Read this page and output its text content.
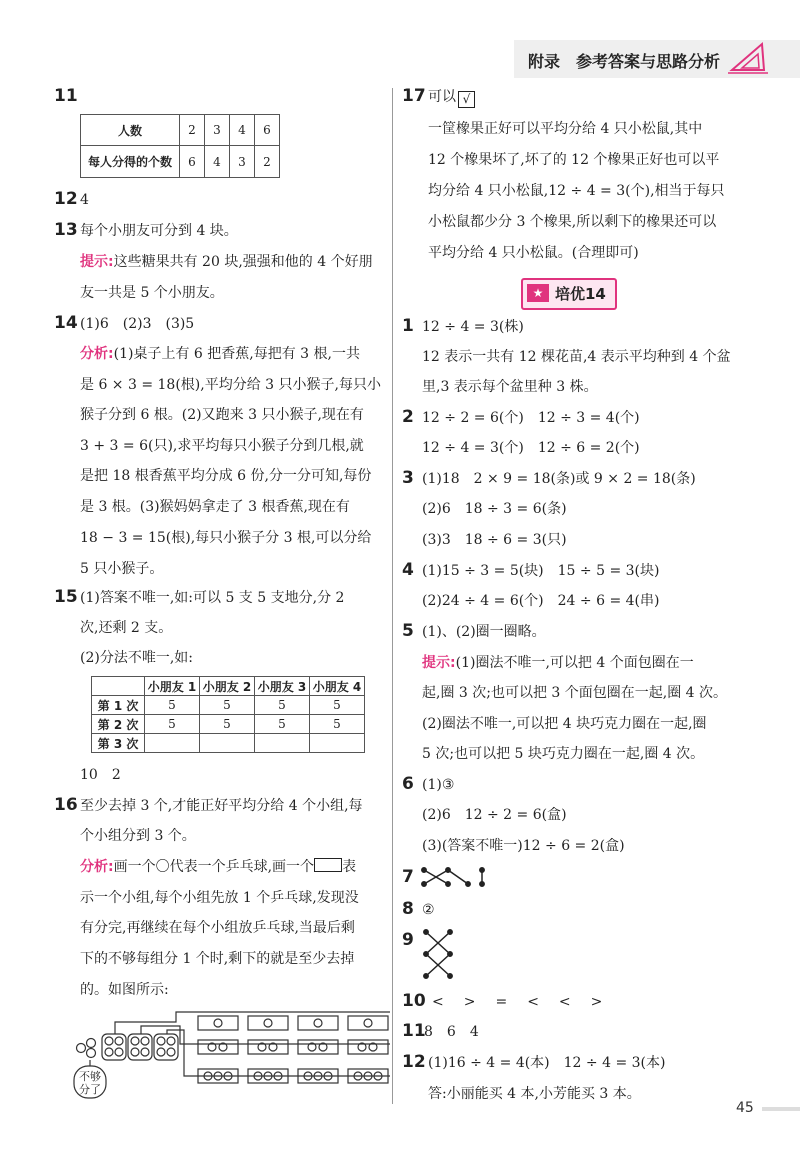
附录　参考答案与思路分析
11
人数	2	3	4	6
每人分得的个数	6	4	3	2
12 4
13 每个小朋友可分到 4 块。
提示:这些糖果共有 20 块,强强和他的 4 个好朋
友一共是 5 个小朋友。
14 (1)6　(2)3　(3)5
分析:(1)桌子上有 6 把香蕉,每把有 3 根,一共
是 6 × 3 = 18(根),平均分给 3 只小猴子,每只小
猴子分到 6 根。(2)又跑来 3 只小猴子,现在有
3 + 3 = 6(只),求平均每只小猴子分到几根,就
是把 18 根香蕉平均分成 6 份,分一分可知,每份
是 3 根。(3)猴妈妈拿走了 3 根香蕉,现在有
18 − 3 = 15(根),每只小猴子分 3 根,可以分给
5 只小猴子。
15 (1)答案不唯一,如:可以 5 支 5 支地分,分 2
次,还剩 2 支。
(2)分法不唯一,如:
	小朋友 1	小朋友 2	小朋友 3	小朋友 4
第 1 次	5	5	5	5
第 2 次	5	5	5	5
第 3 次				
10　2
16 至少去掉 3 个,才能正好平均分给 4 个小组,每
个小组分到 3 个。
分析:画一个〇代表一个乒乓球,画一个 表
示一个小组,每个小组先放 1 个乒乓球,发现没
有分完,再继续在每个小组放乒乓球,当最后剩
下的不够每组分 1 个时,剩下的就是至少去掉
的。如图所示:
不够
分了
17 可以 √
一筐橡果正好可以平均分给 4 只小松鼠,其中
12 个橡果坏了,坏了的 12 个橡果正好也可以平
均分给 4 只小松鼠,12 ÷ 4 = 3(个),相当于每只
小松鼠都少分 3 个橡果,所以剩下的橡果还可以
平均分给 4 只小松鼠。(合理即可)
★ 培优14
1 12 ÷ 4 = 3(株)
12 表示一共有 12 棵花苗,4 表示平均种到 4 个盆
里,3 表示每个盆里种 3 株。
2 12 ÷ 2 = 6(个)　12 ÷ 3 = 4(个)
12 ÷ 4 = 3(个)　12 ÷ 6 = 2(个)
3 (1)18　2 × 9 = 18(条)或 9 × 2 = 18(条)
(2)6　18 ÷ 3 = 6(条)
(3)3　18 ÷ 6 = 3(只)
4 (1)15 ÷ 3 = 5(块)　15 ÷ 5 = 3(块)
(2)24 ÷ 4 = 6(个)　24 ÷ 6 = 4(串)
5 (1)、(2)圈一圈略。
提示:(1)圈法不唯一,可以把 4 个面包圈在一
起,圈 3 次;也可以把 3 个面包圈在一起,圈 4 次。
(2)圈法不唯一,可以把 4 块巧克力圈在一起,圈
5 次;也可以把 5 块巧克力圈在一起,圈 4 次。
6 (1)③
(2)6　12 ÷ 2 = 6(盒)
(3)(答案不唯一)12 ÷ 6 = 2(盒)
7
8 ②
9
10 <　>　=　<　<　>
11
8　6　4
12 (1)16 ÷ 4 = 4(本)　12 ÷ 4 = 3(本)
答:小丽能买 4 本,小芳能买 3 本。
45
